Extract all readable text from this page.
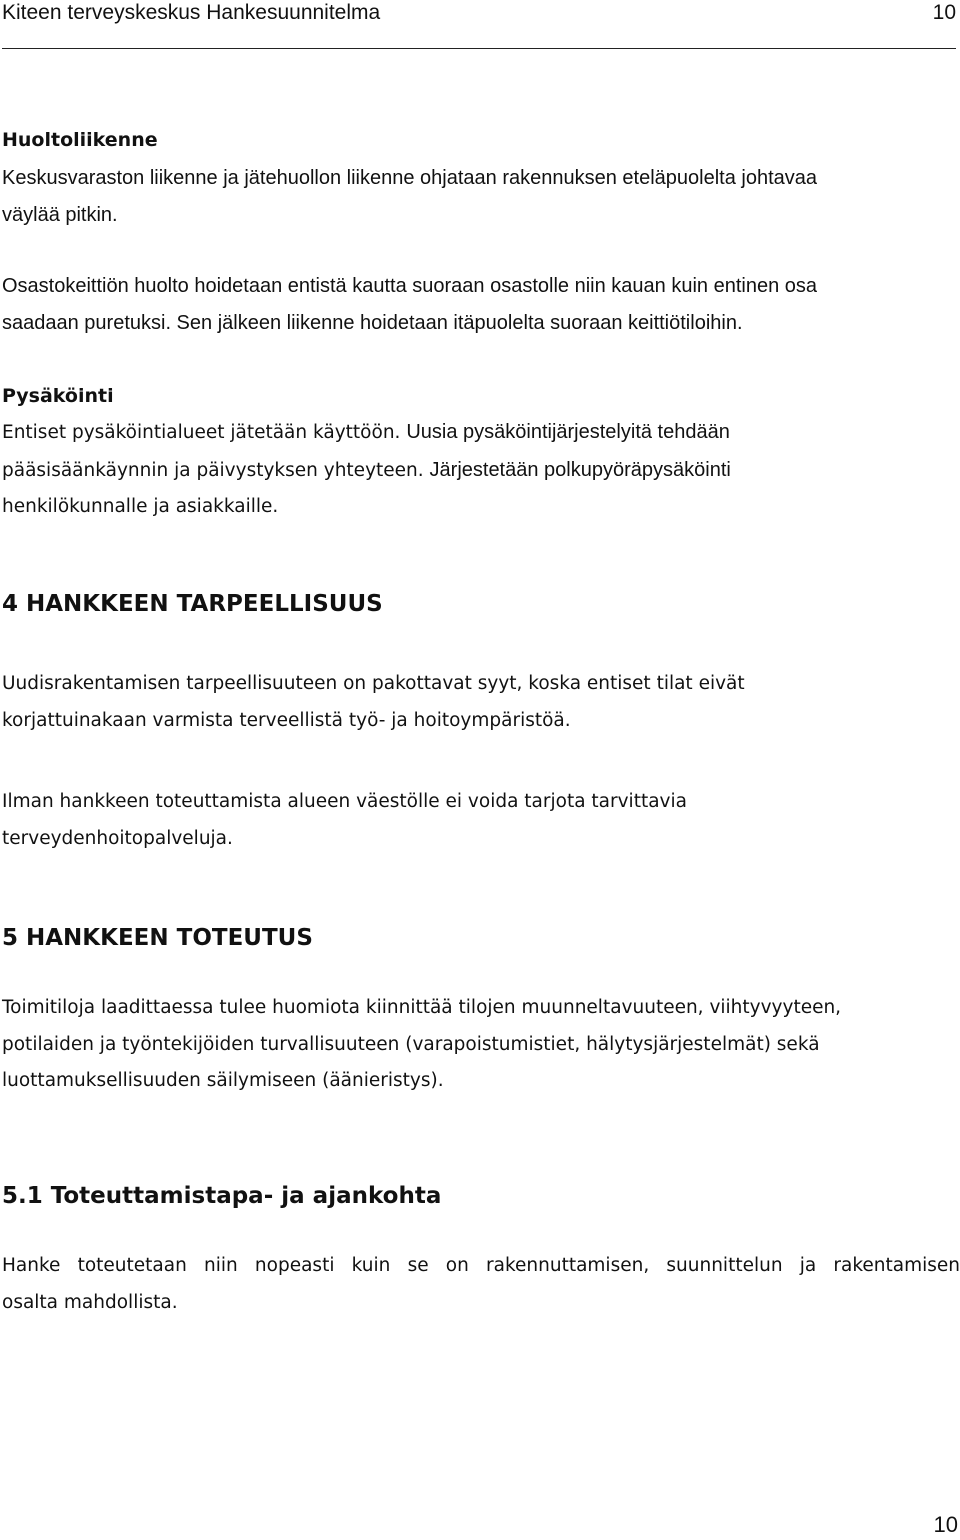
Kiteen terveyskeskus Hankesuunnitelma	10
Huoltoliikenne

Keskusvaraston liikenne ja jätehuollon liikenne ohjataan rakennuksen eteläpuolelta johtavaa
väylää pitkin.

Osastokeittiön huolto hoidetaan entistä kautta suoraan osastolle niin kauan kuin entinen osa
saadaan puretuksi. Sen jälkeen liikenne hoidetaan itäpuolelta suoraan keittiötiloihin.

Pysäköinti

Entiset pysäköintialueet jätetään käyttöön. Uusia pysäköintijärjestelyitä tehdään
pääsisäänkäynnin ja päivystyksen yhteyteen. Järjestetään polkupyöräpysäköinti
henkilökunnalle ja asiakkaille.

4 HANKKEEN TARPEELLISUUS

Uudisrakentamisen tarpeellisuuteen on pakottavat syyt, koska entiset tilat eivät
korjattuinakaan varmista terveellistä työ- ja hoitoympäristöä.

Ilman hankkeen toteuttamista alueen väestölle ei voida tarjota tarvittavia
terveydenhoitopalveluja.

5 HANKKEEN TOTEUTUS

Toimitiloja laadittaessa tulee huomiota kiinnittää tilojen muunneltavuuteen, viihtyvyyteen,
potilaiden ja työntekijöiden turvallisuuteen (varapoistumistiet, hälytysjärjestelmät) sekä
luottamuksellisuuden säilymiseen (äänieristys).

5.1 Toteuttamistapa- ja ajankohta

Hanke toteutetaan niin nopeasti kuin se on rakennuttamisen, suunnittelun ja rakentamisen
osalta mahdollista.

10
